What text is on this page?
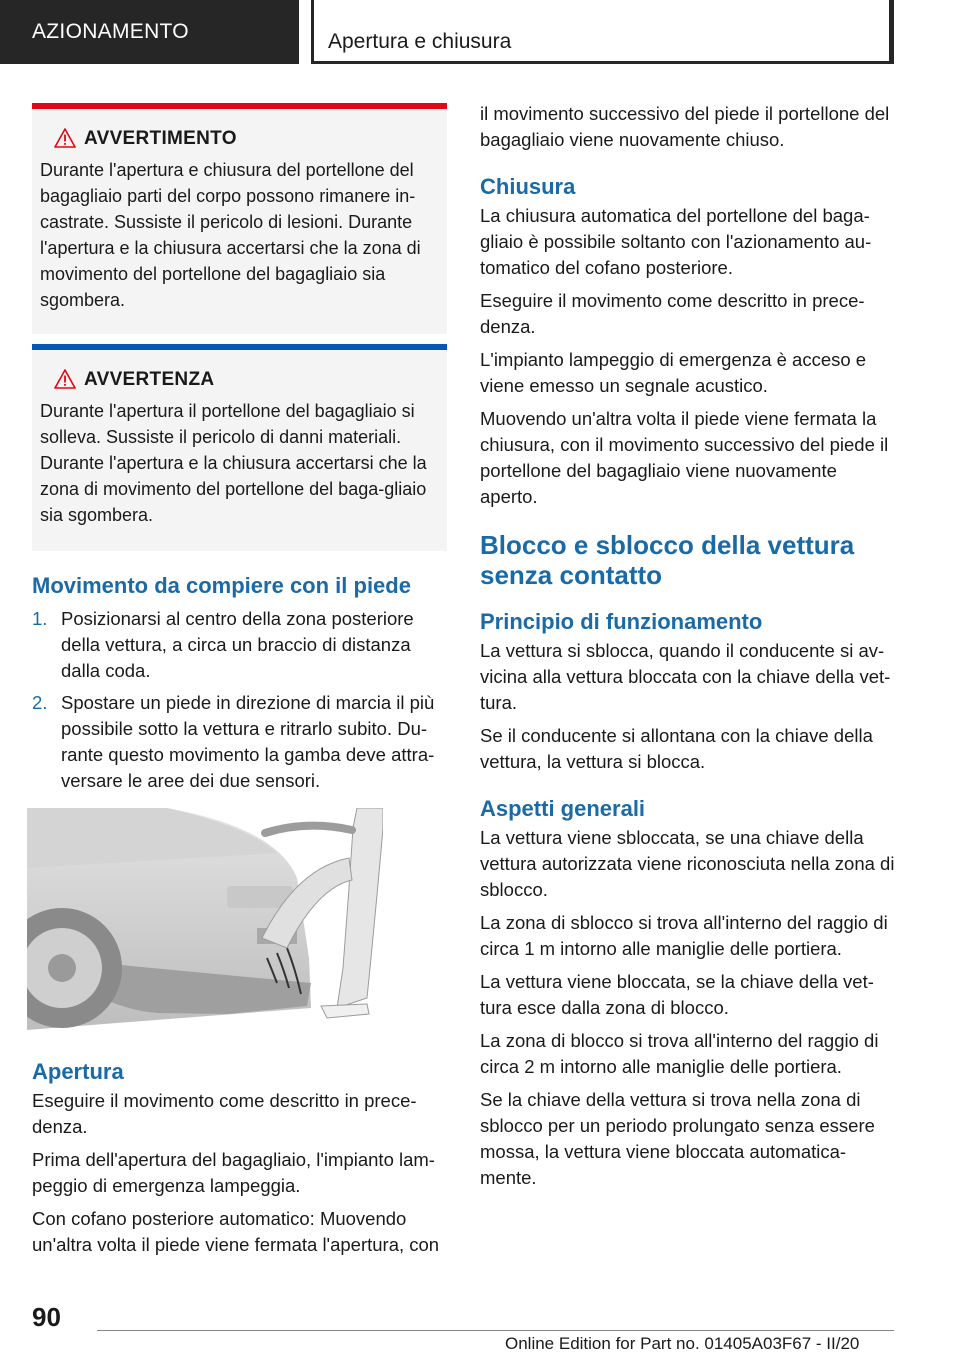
AZIONAMENTO	Apertura e chiusura
AVVERTIMENTO
Durante l'apertura e chiusura del portellone del bagagliaio parti del corpo possono rimanere in-castrate. Sussiste il pericolo di lesioni. Durante l'apertura e la chiusura accertarsi che la zona di movimento del portellone del bagagliaio sia sgombera.
AVVERTENZA
Durante l'apertura il portellone del bagagliaio si solleva. Sussiste il pericolo di danni materiali. Durante l'apertura e la chiusura accertarsi che la zona di movimento del portellone del baga-gliaio sia sgombera.
Movimento da compiere con il piede
1. Posizionarsi al centro della zona posteriore della vettura, a circa un braccio di distanza dalla coda.
2. Spostare un piede in direzione di marcia il più possibile sotto la vettura e ritrarlo subito. Du-rante questo movimento la gamba deve attra-versare le aree dei due sensori.
Apertura

Eseguire il movimento come descritto in prece-denza.

Prima dell'apertura del bagagliaio, l'impianto lam-peggio di emergenza lampeggia.

Con cofano posteriore automatico: Muovendo un'altra volta il piede viene fermata l'apertura, con

il movimento successivo del piede il portellone del bagagliaio viene nuovamente chiuso.

Chiusura

La chiusura automatica del portellone del baga-gliaio è possibile soltanto con l'azionamento au-tomatico del cofano posteriore.

Eseguire il movimento come descritto in prece-denza.

L'impianto lampeggio di emergenza è acceso e viene emesso un segnale acustico.

Muovendo un'altra volta il piede viene fermata la chiusura, con il movimento successivo del piede il portellone del bagagliaio viene nuovamente aperto.

Blocco e sblocco della vettura senza contatto
Principio di funzionamento

La vettura si sblocca, quando il conducente si av-vicina alla vettura bloccata con la chiave della vet-tura.

Se il conducente si allontana con la chiave della vettura, la vettura si blocca.

Aspetti generali

La vettura viene sbloccata, se una chiave della vettura autorizzata viene riconosciuta nella zona di sblocco.

La zona di sblocco si trova all'interno del raggio di circa 1 m intorno alle maniglie delle portiera.

La vettura viene bloccata, se la chiave della vet-tura esce dalla zona di blocco.

La zona di blocco si trova all'interno del raggio di circa 2 m intorno alle maniglie delle portiera.

Se la chiave della vettura si trova nella zona di sblocco per un periodo prolungato senza essere mossa, la vettura viene bloccata automatica-mente.

90
Online Edition for Part no. 01405A03F67 - II/20
